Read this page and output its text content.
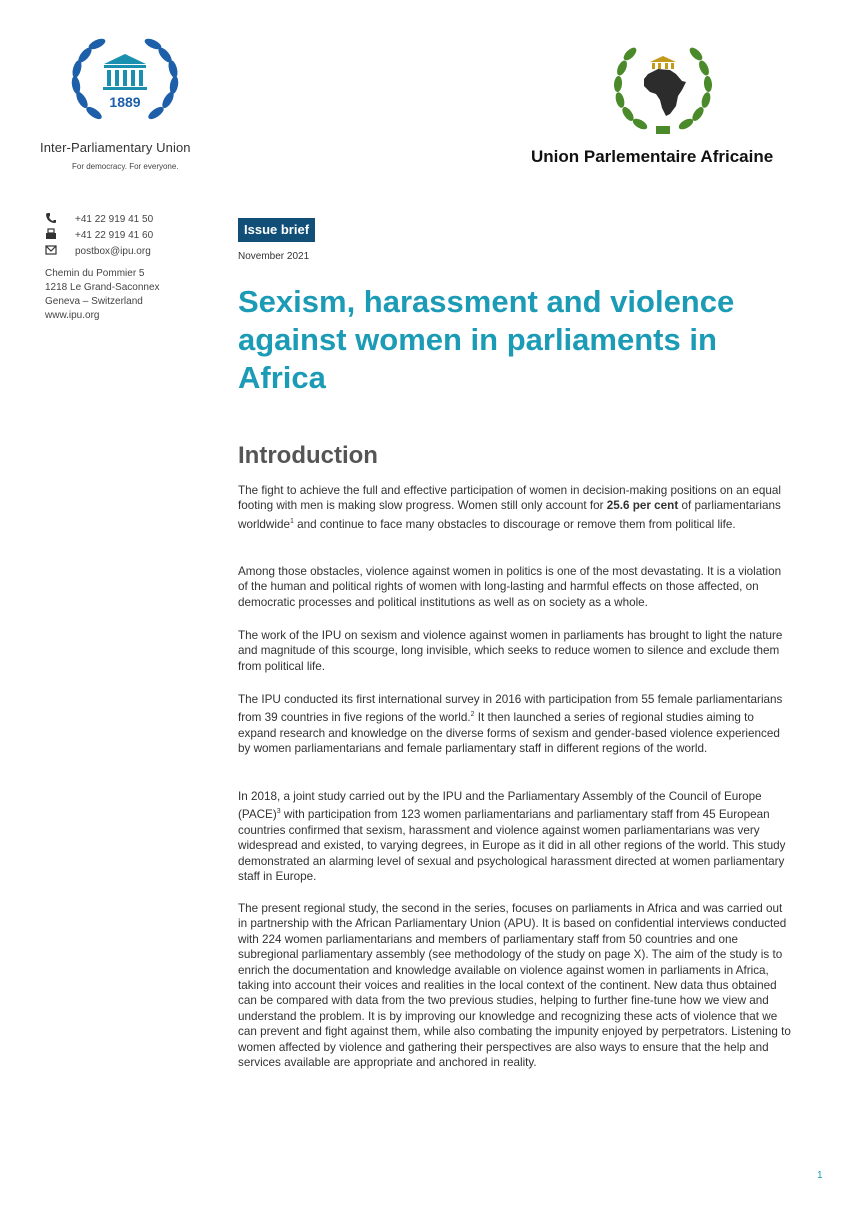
1889
Inter-Parliamentary Union
For democracy. For everyone.
Union Parlementaire Africaine
+41 22 919 41 50
+41 22 919 41 60
postbox@ipu.org
Chemin du Pommier 5
1218 Le Grand-Saconnex
Geneva – Switzerland
www.ipu.org
Issue brief
November 2021
Sexism, harassment and violence against women in parliaments in Africa
Introduction

The fight to achieve the full and effective participation of women in decision-making positions on an equal footing with men is making slow progress. Women still only account for 25.6 per cent of parliamentarians worldwide$^1$ and continue to face many obstacles to discourage or remove them from political life.

Among those obstacles, violence against women in politics is one of the most devastating. It is a violation of the human and political rights of women with long-lasting and harmful effects on those affected, on democratic processes and political institutions as well as on society as a whole.

The work of the IPU on sexism and violence against women in parliaments has brought to light the nature and magnitude of this scourge, long invisible, which seeks to reduce women to silence and exclude them from political life.

The IPU conducted its first international survey in 2016 with participation from 55 female parliamentarians from 39 countries in five regions of the world.$^2$ It then launched a series of regional studies aiming to expand research and knowledge on the diverse forms of sexism and gender-based violence experienced by women parliamentarians and female parliamentary staff in different regions of the world.

In 2018, a joint study carried out by the IPU and the Parliamentary Assembly of the Council of Europe (PACE)$^3$ with participation from 123 women parliamentarians and parliamentary staff from 45 European countries confirmed that sexism, harassment and violence against women parliamentarians was very widespread and existed, to varying degrees, in Europe as it did in all other regions of the world. This study demonstrated an alarming level of sexual and psychological harassment directed at women parliamentary staff in Europe.

The present regional study, the second in the series, focuses on parliaments in Africa and was carried out in partnership with the African Parliamentary Union (APU). It is based on confidential interviews conducted with 224 women parliamentarians and members of parliamentary staff from 50 countries and one subregional parliamentary assembly (see methodology of the study on page X). The aim of the study is to enrich the documentation and knowledge available on violence against women in parliaments in Africa, taking into account their voices and realities in the local context of the continent. New data thus obtained can be compared with data from the two previous studies, helping to further fine-tune how we view and understand the problem. It is by improving our knowledge and recognizing these acts of violence that we can prevent and fight against them, while also combating the impunity enjoyed by perpetrators. Listening to women affected by violence and gathering their perspectives are also ways to ensure that the help and services available are appropriate and anchored in reality.

1
